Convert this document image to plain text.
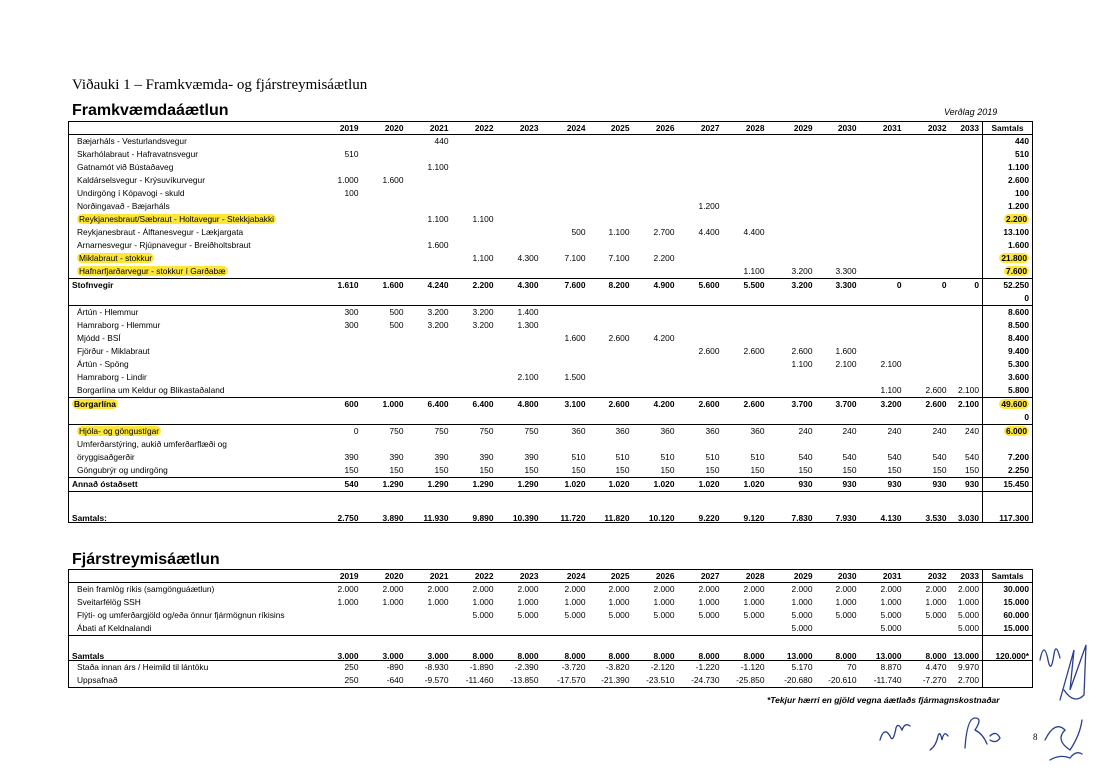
Viðauki 1 – Framkvæmda- og fjárstreymisáætlun
Framkvæmdaáætlun	Verðlag 2019
	2019	2020	2021	2022	2023	2024	2025	2026	2027	2028	2029	2030	2031	2032	2033	Samtals
Bæjarháls - Vesturlandsvegur			440													440
Skarhólabraut - Hafravatnsvegur	510															510
Gatnamót við Bústaðaveg			1.100													1.100
Kaldárselsvegur - Krýsuvíkurvegur	1.000	1.600														2.600
Undirgöng í Kópavogi - skuld	100															100
Norðingavað - Bæjarháls									1.200							1.200
Reykjanesbraut/Sæbraut - Holtavegur - Stekkjabakki			1.100	1.100												2.200
Reykjanesbraut - Álftanesvegur - Lækjargata						500	1.100	2.700	4.400	4.400						13.100
Arnarnesvegur - Rjúpnavegur - Breiðholtsbraut			1.600													1.600
Miklabraut - stokkur				1.100	4.300	7.100	7.100	2.200								21.800
Hafnarfjarðarvegur - stokkur í Garðabæ										1.100	3.200	3.300				7.600
Stofnvegir	1.610	1.600	4.240	2.200	4.300	7.600	8.200	4.900	5.600	5.500	3.200	3.300	0	0	0	52.250
																0
Ártún - Hlemmur	300	500	3.200	3.200	1.400											8.600
Hamraborg - Hlemmur	300	500	3.200	3.200	1.300											8.500
Mjódd - BSÍ						1.600	2.600	4.200								8.400
Fjörður - Miklabraut									2.600	2.600	2.600	1.600				9.400
Ártún - Spöng											1.100	2.100	2.100			5.300
Hamraborg - Lindir					2.100	1.500										3.600
Borgarlína um Keldur og Blikastaðaland													1.100	2.600	2.100	5.800
Borgarlína	600	1.000	6.400	6.400	4.800	3.100	2.600	4.200	2.600	2.600	3.700	3.700	3.200	2.600	2.100	49.600
																0
Hjóla- og göngustígar	0	750	750	750	750	360	360	360	360	360	240	240	240	240	240	6.000
Umferðarstýring, aukið umferðarflæði og																
öryggisaðgerðir	390	390	390	390	390	510	510	510	510	510	540	540	540	540	540	7.200
Göngubrýr og undirgöng	150	150	150	150	150	150	150	150	150	150	150	150	150	150	150	2.250
Annað óstaðsett	540	1.290	1.290	1.290	1.290	1.020	1.020	1.020	1.020	1.020	930	930	930	930	930	15.450
Samtals:	2.750	3.890	11.930	9.890	10.390	11.720	11.820	10.120	9.220	9.120	7.830	7.930	4.130	3.530	3.030	117.300
Fjárstreymisáætlun
	2019	2020	2021	2022	2023	2024	2025	2026	2027	2028	2029	2030	2031	2032	2033	Samtals
Bein framlög ríkis (samgönguáætlun)	2.000	2.000	2.000	2.000	2.000	2.000	2.000	2.000	2.000	2.000	2.000	2.000	2.000	2.000	2.000	30.000
Sveitarfélög SSH	1.000	1.000	1.000	1.000	1.000	1.000	1.000	1.000	1.000	1.000	1.000	1.000	1.000	1.000	1.000	15.000
Flýti- og umferðargjöld og/eða önnur fjármögnun ríkisins				5.000	5.000	5.000	5.000	5.000	5.000	5.000	5.000	5.000	5.000	5.000	5.000	60.000
Ábati af Keldnalandi											5.000		5.000		5.000	15.000
Samtals	3.000	3.000	3.000	8.000	8.000	8.000	8.000	8.000	8.000	8.000	13.000	8.000	13.000	8.000	13.000	120.000*
Staða innan árs / Heimild til lántöku	250	-890	-8.930	-1.890	-2.390	-3.720	-3.820	-2.120	-1.220	-1.120	5.170	70	8.870	4.470	9.970	
Uppsafnað	250	-640	-9.570	-11.460	-13.850	-17.570	-21.390	-23.510	-24.730	-25.850	-20.680	-20.610	-11.740	-7.270	2.700	
*Tekjur hærri en gjöld vegna áætlaðs fjármagnskostnaðar
8
